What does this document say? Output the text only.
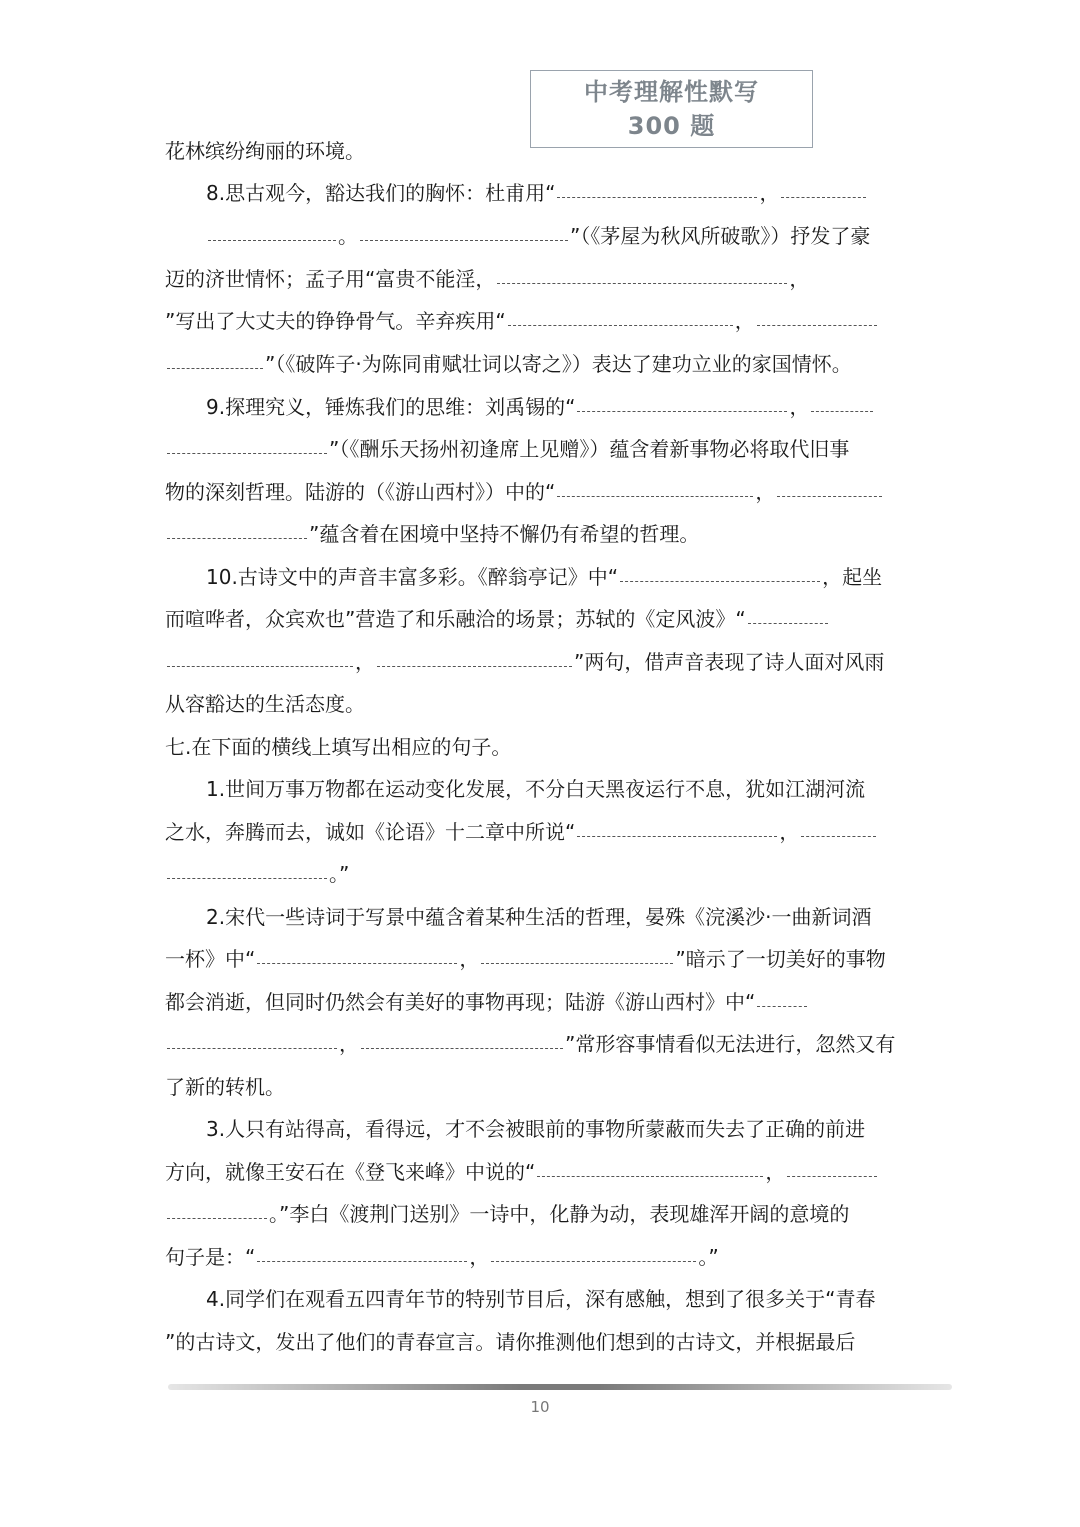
中考理解性默写 300 题
花林缤纷绚丽的环境。
8.思古观今，豁达我们的胸怀：杜甫用“	，
。	”（《茅屋为秋风所破歌》）抒发了豪
迈的济世情怀；孟子用“富贵不能淫，	，
”写出了大丈夫的铮铮骨气。辛弃疾用“	，
”（《破阵子·为陈同甫赋壮词以寄之》）表达了建功立业的家国情怀。
9.探理究义，锤炼我们的思维：刘禹锡的“	，
”（《酬乐天扬州初逢席上见赠》）蕴含着新事物必将取代旧事
物的深刻哲理。陆游的（《游山西村》）中的“	，
”蕴含着在困境中坚持不懈仍有希望的哲理。
10.古诗文中的声音丰富多彩。《醉翁亭记》中“	，起坐
而喧哗者，众宾欢也”营造了和乐融洽的场景；苏轼的《定风波》“
，	”两句，借声音表现了诗人面对风雨
从容豁达的生活态度。
七.在下面的横线上填写出相应的句子。
1.世间万事万物都在运动变化发展，不分白天黑夜运行不息，犹如江湖河流
之水，奔腾而去，诚如《论语》十二章中所说“	，
。”
2.宋代一些诗词于写景中蕴含着某种生活的哲理，晏殊《浣溪沙·一曲新词酒
一杯》中“	，	”暗示了一切美好的事物
都会消逝，但同时仍然会有美好的事物再现；陆游《游山西村》中“
，	”常形容事情看似无法进行，忽然又有
了新的转机。
3.人只有站得高，看得远，才不会被眼前的事物所蒙蔽而失去了正确的前进
方向，就像王安石在《登飞来峰》中说的“	，
。”李白《渡荆门送别》一诗中，化静为动，表现雄浑开阔的意境的
句子是：“	，	。”
4.同学们在观看五四青年节的特别节目后，深有感触，想到了很多关于“青春
”的古诗文，发出了他们的青春宣言。请你推测他们想到的古诗文，并根据最后
10
